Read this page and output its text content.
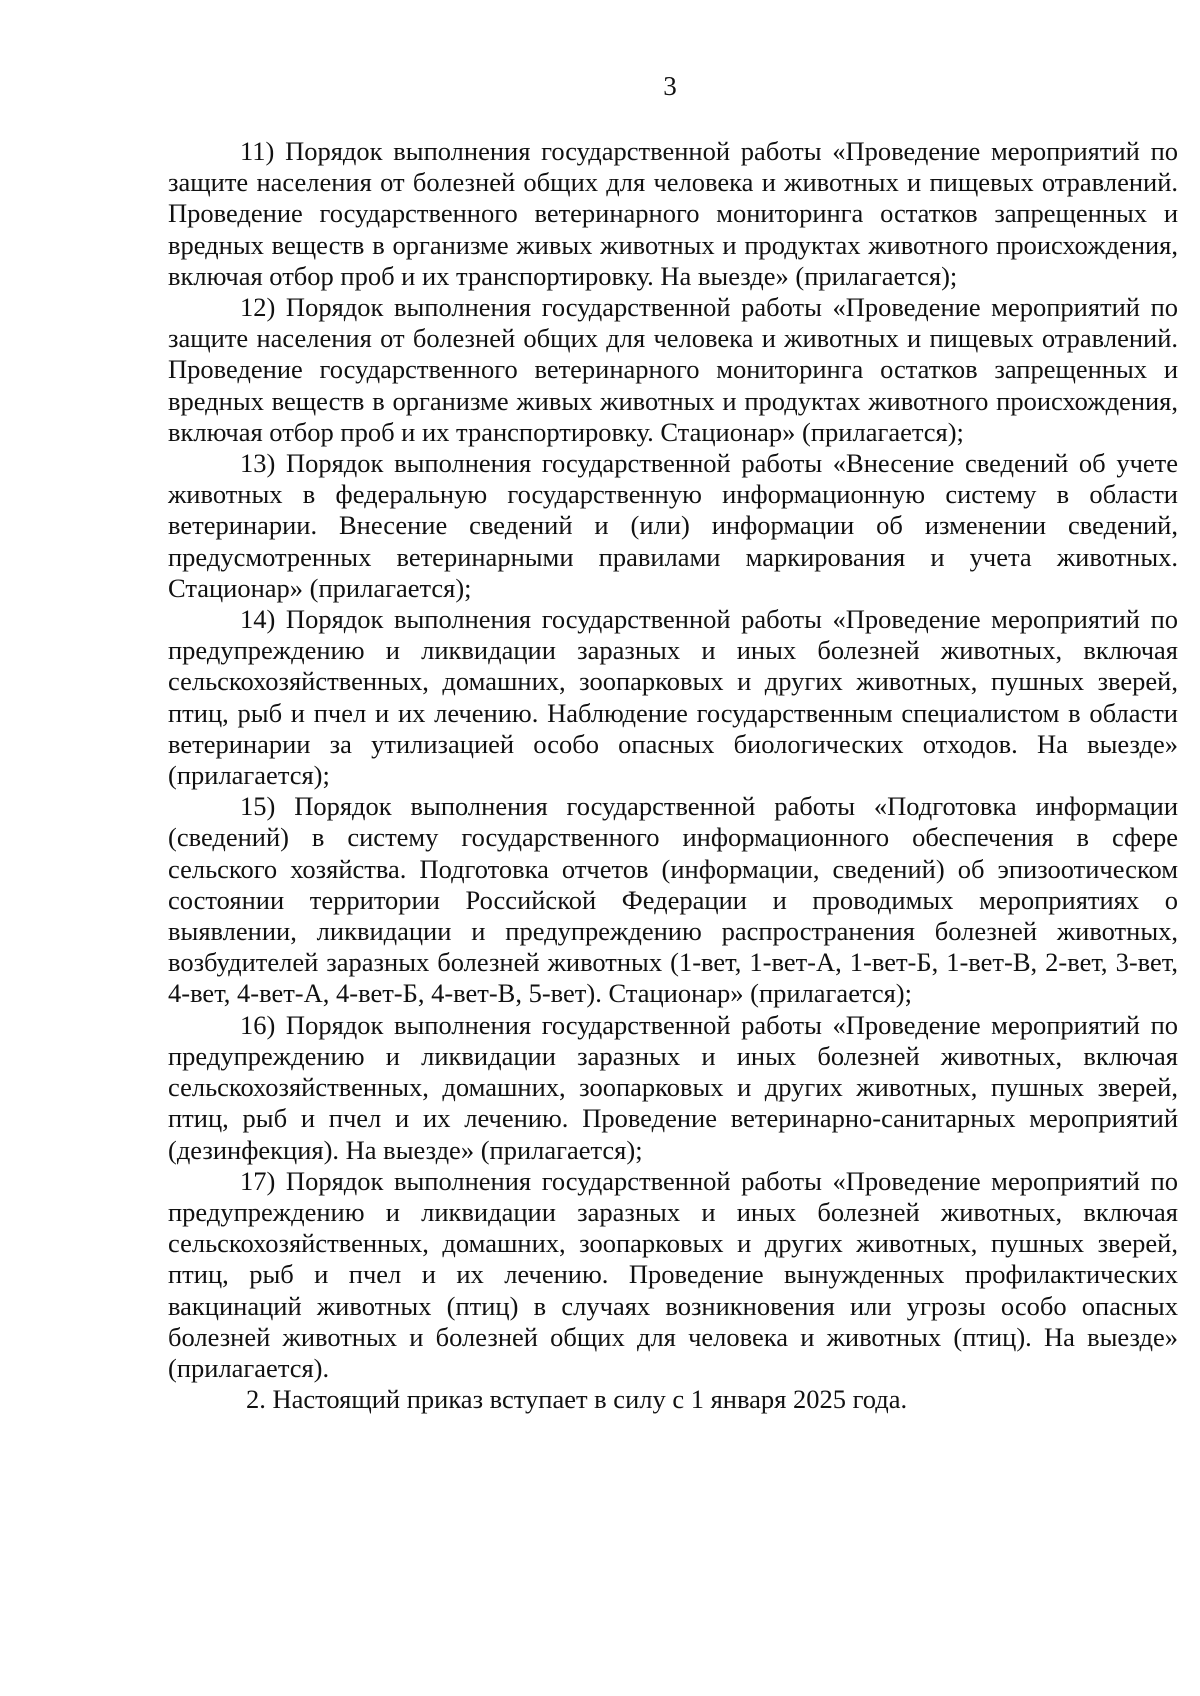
3

11) Порядок выполнения государственной работы «Проведение мероприятий по защите населения от болезней общих для человека и животных и пищевых отравлений. Проведение государственного ветеринарного мониторинга остатков запрещенных и вредных веществ в организме живых животных и продуктах животного происхождения, включая отбор проб и их транспортировку. На выезде» (прилагается);

12) Порядок выполнения государственной работы «Проведение мероприятий по защите населения от болезней общих для человека и животных и пищевых отравлений. Проведение государственного ветеринарного мониторинга остатков запрещенных и вредных веществ в организме живых животных и продуктах животного происхождения, включая отбор проб и их транспортировку. Стационар» (прилагается);

13) Порядок выполнения государственной работы «Внесение сведений об учете животных в федеральную государственную информационную систему в области ветеринарии. Внесение сведений и (или) информации об изменении сведений, предусмотренных ветеринарными правилами маркирования и учета животных. Стационар» (прилагается);

14) Порядок выполнения государственной работы «Проведение мероприятий по предупреждению и ликвидации заразных и иных болезней животных, включая сельскохозяйственных, домашних, зоопарковых и других животных, пушных зверей, птиц, рыб и пчел и их лечению. Наблюдение государственным специалистом в области ветеринарии за утилизацией особо опасных биологических отходов. На выезде» (прилагается);

15) Порядок выполнения государственной работы «Подготовка информации (сведений) в систему государственного информационного обеспечения в сфере сельского хозяйства. Подготовка отчетов (информации, сведений) об эпизоотическом состоянии территории Российской Федерации и проводимых мероприятиях о выявлении, ликвидации и предупреждению распространения болезней животных, возбудителей заразных болезней животных (1-вет, 1-вет-А, 1-вет-Б, 1-вет-В, 2-вет, 3-вет, 4-вет, 4-вет-А, 4-вет-Б, 4-вет-В, 5-вет). Стационар» (прилагается);

16) Порядок выполнения государственной работы «Проведение мероприятий по предупреждению и ликвидации заразных и иных болезней животных, включая сельскохозяйственных, домашних, зоопарковых и других животных, пушных зверей, птиц, рыб и пчел и их лечению. Проведение ветеринарно-санитарных мероприятий (дезинфекция). На выезде» (прилагается);

17) Порядок выполнения государственной работы «Проведение мероприятий по предупреждению и ликвидации заразных и иных болезней животных, включая сельскохозяйственных, домашних, зоопарковых и других животных, пушных зверей, птиц, рыб и пчел и их лечению. Проведение вынужденных профилактических вакцинаций животных (птиц) в случаях возникновения или угрозы особо опасных болезней животных и болезней общих для человека и животных (птиц). На выезде» (прилагается).

2. Настоящий приказ вступает в силу с 1 января 2025 года.
